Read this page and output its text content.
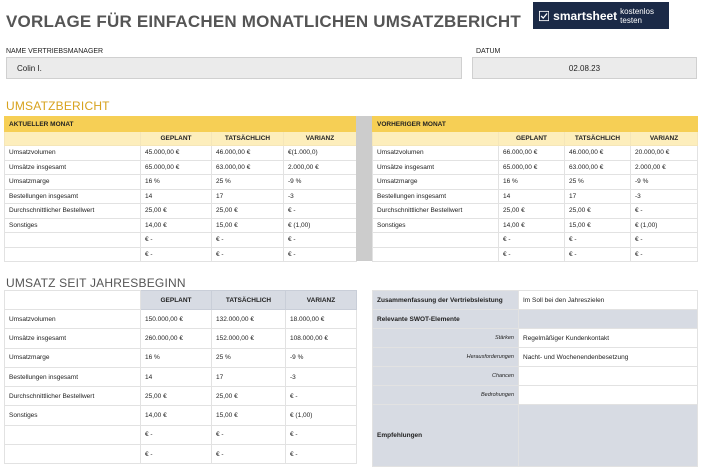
VORLAGE FÜR EINFACHEN MONATLICHEN UMSATZBERICHT	smartsheet kostenlos testen
NAME VERTRIEBSMANAGER
Colin I.
DATUM
02.08.23
UMSATZBERICHT
AKTUELLER MONAT			
	GEPLANT	TATSÄCHLICH	VARIANZ
Umsatzvolumen	45.000,00 €	46.000,00 €	€(1.000,0)
Umsätze insgesamt	65.000,00 €	63.000,00 €	2.000,00 €
Umsatzmarge	16 %	25 %	-9 %
Bestellungen insgesamt	14	17	-3
Durchschnittlicher Bestellwert	25,00 €	25,00 €	€ -
Sonstiges	14,00 €	15,00 €	€ (1,00)
	€ -	€ -	€ -
	€ -	€ -	€ -
VORHERIGER MONAT			
	GEPLANT	TATSÄCHLICH	VARIANZ
Umsatzvolumen	66.000,00 €	46.000,00 €	20.000,00 €
Umsätze insgesamt	65.000,00 €	63.000,00 €	2.000,00 €
Umsatzmarge	16 %	25 %	-9 %
Bestellungen insgesamt	14	17	-3
Durchschnittlicher Bestellwert	25,00 €	25,00 €	€ -
Sonstiges	14,00 €	15,00 €	€ (1,00)
	€ -	€ -	€ -
	€ -	€ -	€ -
UMSATZ SEIT JAHRESBEGINN
	GEPLANT	TATSÄCHLICH	VARIANZ
Umsatzvolumen	150.000,00 €	132.000,00 €	18.000,00 €
Umsätze insgesamt	260.000,00 €	152.000,00 €	108.000,00 €
Umsatzmarge	16 %	25 %	-9 %
Bestellungen insgesamt	14	17	-3
Durchschnittlicher Bestellwert	25,00 €	25,00 €	€ -
Sonstiges	14,00 €	15,00 €	€ (1,00)
	€ -	€ -	€ -
	€ -	€ -	€ -
Zusammenfassung der Vertriebsleistung	Im Soll bei den Jahreszielen
Relevante SWOT-Elemente	
Stärken	Regelmäßiger Kundenkontakt
Herausforderungen	Nacht- und Wochenendenbesetzung
Chancen	
Bedrohungen	
Empfehlungen	
